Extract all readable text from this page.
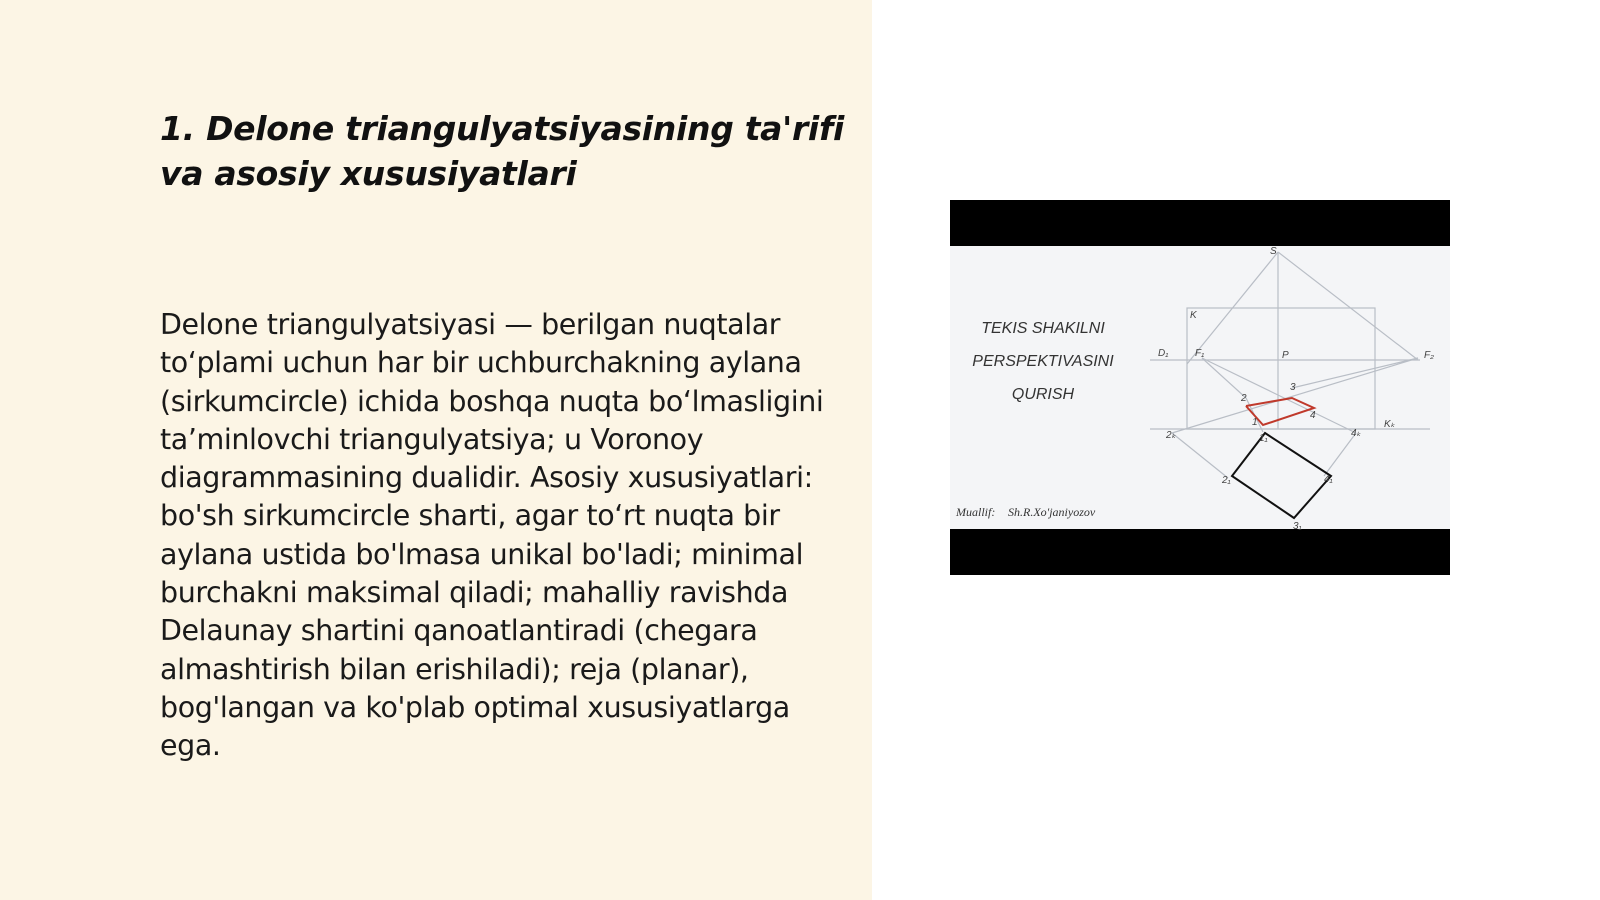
1. Delone triangulyatsiyasining ta'rifi va asosiy xususiyatlari

Delone triangulyatsiyasi — berilgan nuqtalar to‘plami uchun har bir uchburchakning aylana (sirkumcircle) ichida boshqa nuqta bo‘lmasligini ta’minlovchi triangulyatsiya; u Voronoy diagrammasining dualidir. Asosiy xususiyatlari: bo'sh sirkumcircle sharti, agar to‘rt nuqta bir aylana ustida bo'lmasa unikal bo'ladi; minimal burchakni maksimal qiladi; mahalliy ravishda Delaunay shartini qanoatlantiradi (chegara almashtirish bilan erishiladi); reja (planar), bog'langan va ko'plab optimal xususiyatlarga ega.

TEKIS SHAKILNI
PERSPEKTIVASINI
QURISH
S
K
D₁	F₁	P	F₂
2
3
1
4
Kₖ
2ₖ	1₁	4ₖ
2₁	4₁
3₁
Muallif: Sh.R.Xo'janiyozov
